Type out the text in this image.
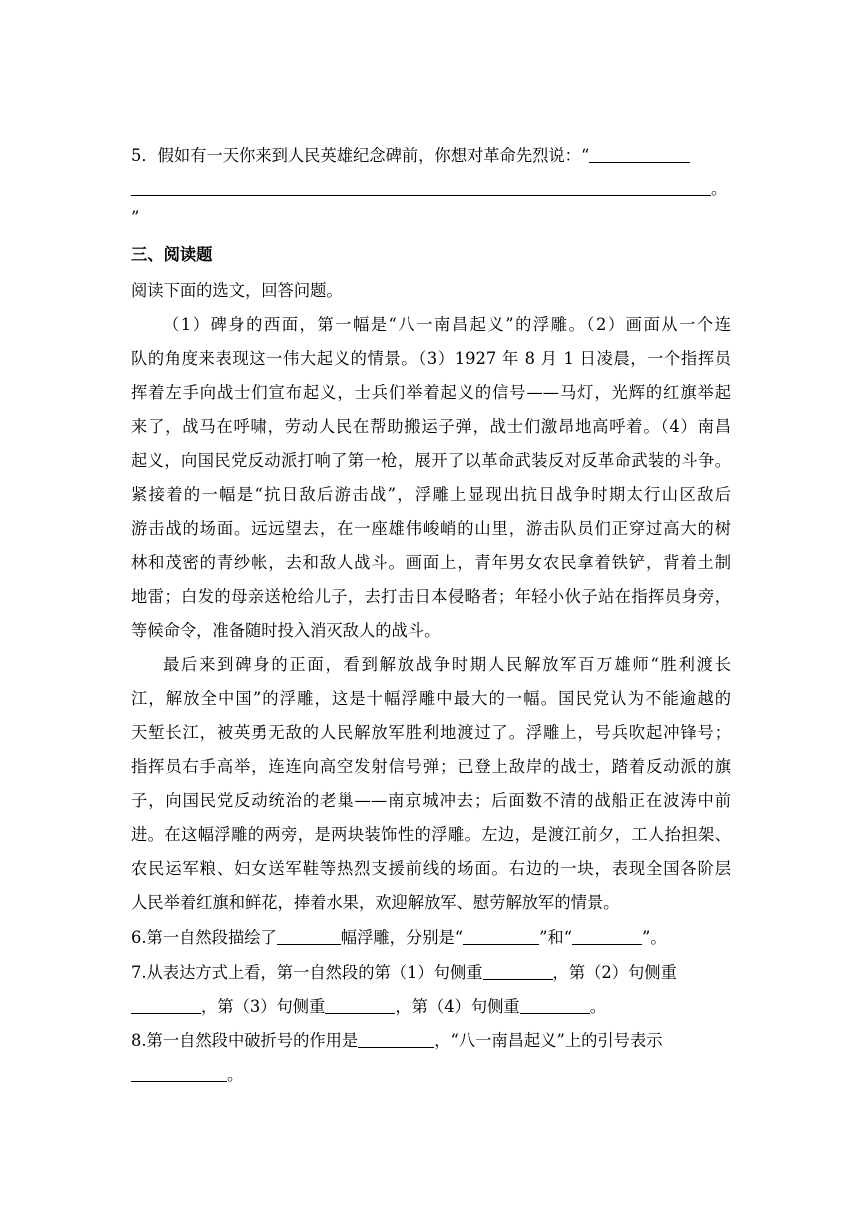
5．假如有一天你来到人民英雄纪念碑前，你想对革命先烈说：“
。
”
三、阅读题
阅读下面的选文，回答问题。
（1）碑身的西面，第一幅是“八一南昌起义”的浮雕。（2）画面从一个连
队的角度来表现这一伟大起义的情景。（3）1927 年 8 月 1 日凌晨，一个指挥员
挥着左手向战士们宣布起义，士兵们举着起义的信号——马灯，光辉的红旗举起
来了，战马在呼啸，劳动人民在帮助搬运子弹，战士们激昂地高呼着。（4）南昌
起义，向国民党反动派打响了第一枪，展开了以革命武装反对反革命武装的斗争。
紧接着的一幅是“抗日敌后游击战”，浮雕上显现出抗日战争时期太行山区敌后
游击战的场面。远远望去，在一座雄伟峻峭的山里，游击队员们正穿过高大的树
林和茂密的青纱帐，去和敌人战斗。画面上，青年男女农民拿着铁铲，背着土制
地雷；白发的母亲送枪给儿子，去打击日本侵略者；年轻小伙子站在指挥员身旁，
等候命令，准备随时投入消灭敌人的战斗。
最后来到碑身的正面，看到解放战争时期人民解放军百万雄师“胜利渡长
江，解放全中国”的浮雕，这是十幅浮雕中最大的一幅。国民党认为不能逾越的
天堑长江，被英勇无敌的人民解放军胜利地渡过了。浮雕上，号兵吹起冲锋号；
指挥员右手高举，连连向高空发射信号弹；已登上敌岸的战士，踏着反动派的旗
子，向国民党反动统治的老巢——南京城冲去；后面数不清的战船正在波涛中前
进。在这幅浮雕的两旁，是两块装饰性的浮雕。左边，是渡江前夕，工人抬担架、
农民运军粮、妇女送军鞋等热烈支援前线的场面。右边的一块，表现全国各阶层
人民举着红旗和鲜花，捧着水果，欢迎解放军、慰劳解放军的情景。
6.第一自然段描绘了	幅浮雕，分别是“	”和“	”。
7.从表达方式上看，第一自然段的第（1）句侧重	，第（2）句侧重
，第（3）句侧重	，第（4）句侧重	。
8.第一自然段中破折号的作用是	，“八一南昌起义”上的引号表示
。
